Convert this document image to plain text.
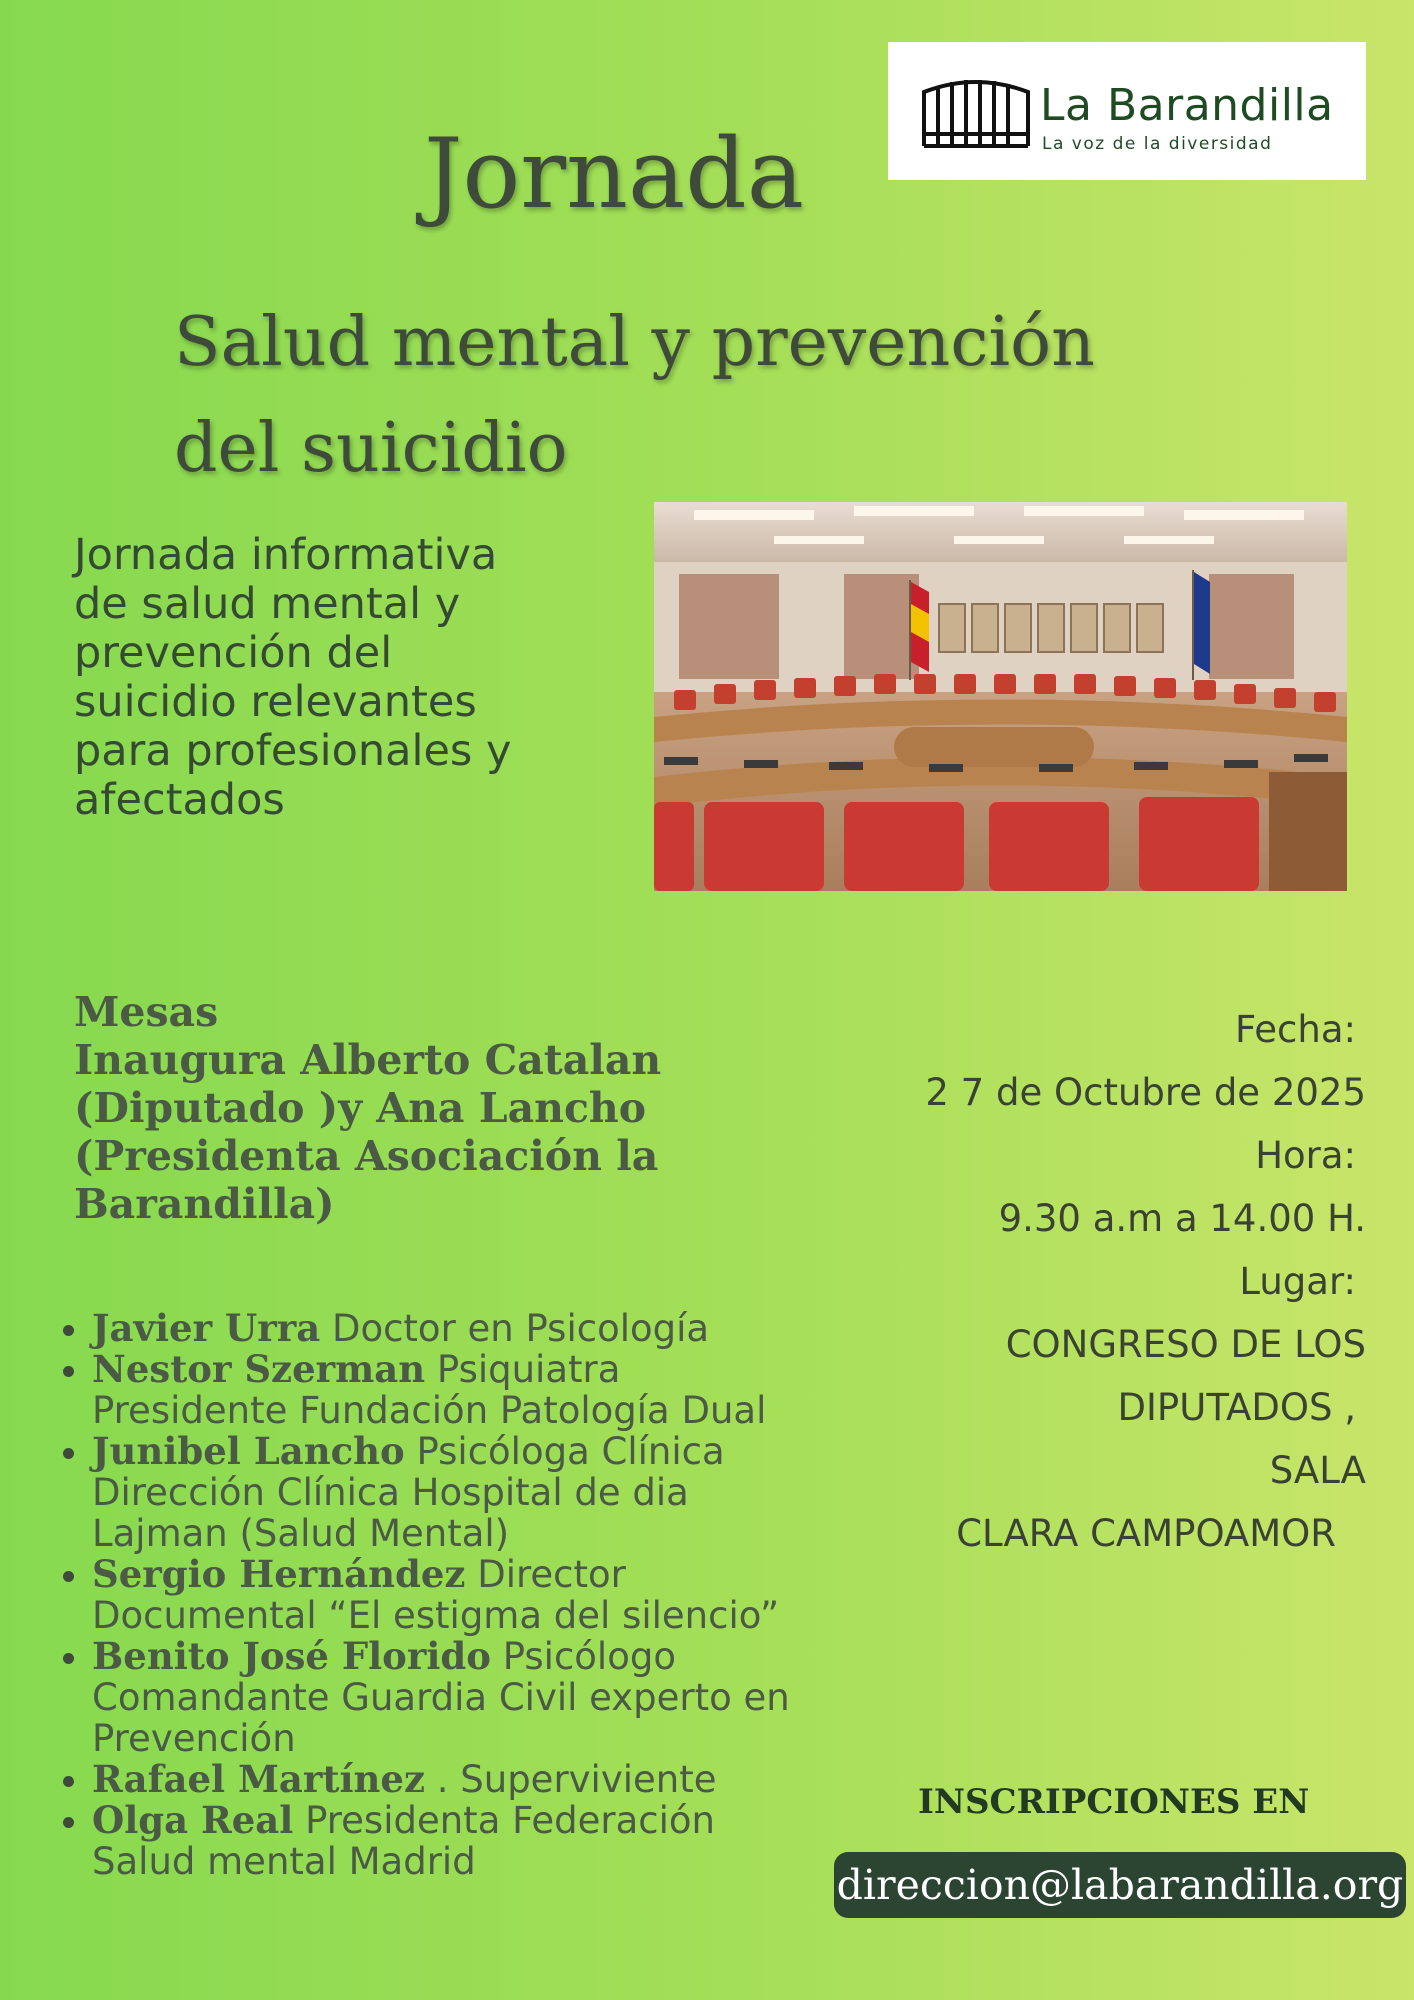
La Barandilla
La voz de la diversidad
Jornada
Salud mental y prevención
del suicidio
Jornada informativa
de salud mental y
prevención del
suicidio relevantes
para profesionales y
afectados
Mesas
Inaugura Alberto Catalan
(Diputado )y Ana Lancho
(Presidenta Asociación la
Barandilla)
• Javier Urra Doctor en Psicología
• Nestor Szerman Psiquiatra Presidente Fundación Patología Dual
• Junibel Lancho Psicóloga Clínica Dirección Clínica Hospital de dia Lajman (Salud Mental)
• Sergio Hernández Director Documental “El estigma del silencio”
• Benito José Florido Psicólogo Comandante Guardia Civil experto en Prevención
• Rafael Martínez . Superviviente
• Olga Real Presidenta Federación Salud mental Madrid
Fecha:
2 7 de Octubre de 2025
Hora:
9.30 a.m a 14.00 H.
Lugar:
CONGRESO DE LOS
DIPUTADOS ,
SALA
CLARA CAMPOAMOR
INSCRIPCIONES EN
direccion@labarandilla.org
